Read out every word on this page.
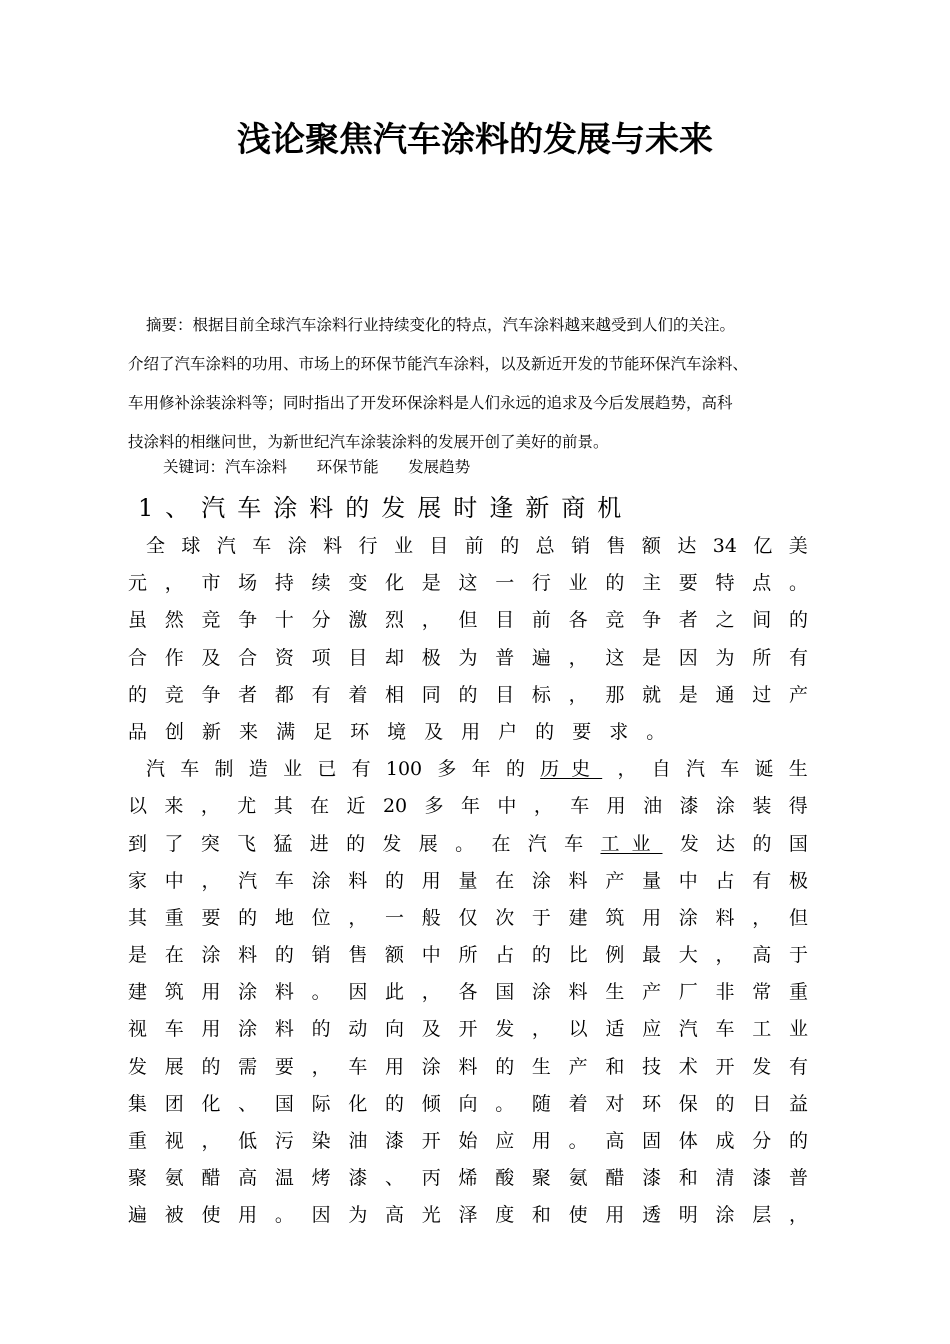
浅论聚焦汽车涂料的发展与未来
摘要：根据目前全球汽车涂料行业持续变化的特点，汽车涂料越来越受到人们的关注。
介绍了汽车涂料的功用、市场上的环保节能汽车涂料，以及新近开发的节能环保汽车涂料、
车用修补涂装涂料等；同时指出了开发环保涂料是人们永远的追求及今后发展趋势，高科
技涂料的相继问世，为新世纪汽车涂装涂料的发展开创了美好的前景。
关键词：汽车涂料      环保节能      发展趋势
1、汽车涂料的发展时逢新商机
全 球 汽 车 涂 料 行 业 目 前 的 总 销 售 额 达 34 亿 美
元 ， 市 场 持 续 变 化 是 这 一 行 业 的 主 要 特 点 。
虽 然 竞 争 十 分 激 烈 ， 但 目 前 各 竞 争 者 之 间 的
合 作 及 合 资 项 目 却 极 为 普 遍 ， 这 是 因 为 所 有
的 竞 争 者 都 有 着 相 同 的 目 标 ， 那 就 是 通 过 产
品 创 新 来 满 足 环 境 及 用 户 的 要 求 。
汽 车 制 造 业 已 有 100 多 年 的 历史 ， 自 汽 车 诞 生
以 来 ， 尤 其 在 近 20 多 年 中 ， 车 用 油 漆 涂 装 得
到 了 突 飞 猛 进 的 发 展 。 在 汽 车 工业 发 达 的 国
家 中 ， 汽 车 涂 料 的 用 量 在 涂 料 产 量 中 占 有 极
其 重 要 的 地 位 ， 一 般 仅 次 于 建 筑 用 涂 料 ， 但
是 在 涂 料 的 销 售 额 中 所 占 的 比 例 最 大 ， 高 于
建 筑 用 涂 料 。 因 此 ， 各 国 涂 料 生 产 厂 非 常 重
视 车 用 涂 料 的 动 向 及 开 发 ， 以 适 应 汽 车 工 业
发 展 的 需 要 ， 车 用 涂 料 的 生 产 和 技 术 开 发 有
集 团 化 、 国 际 化 的 倾 向 。 随 着 对 环 保 的 日 益
重 视 ， 低 污 染 油 漆 开 始 应 用 。 高 固 体 成 分 的
聚 氨 醋 高 温 烤 漆 、 丙 烯 酸 聚 氨 醋 漆 和 清 漆 普
遍 被 使 用 。 因 为 高 光 泽 度 和 使 用 透 明 涂 层 ，
